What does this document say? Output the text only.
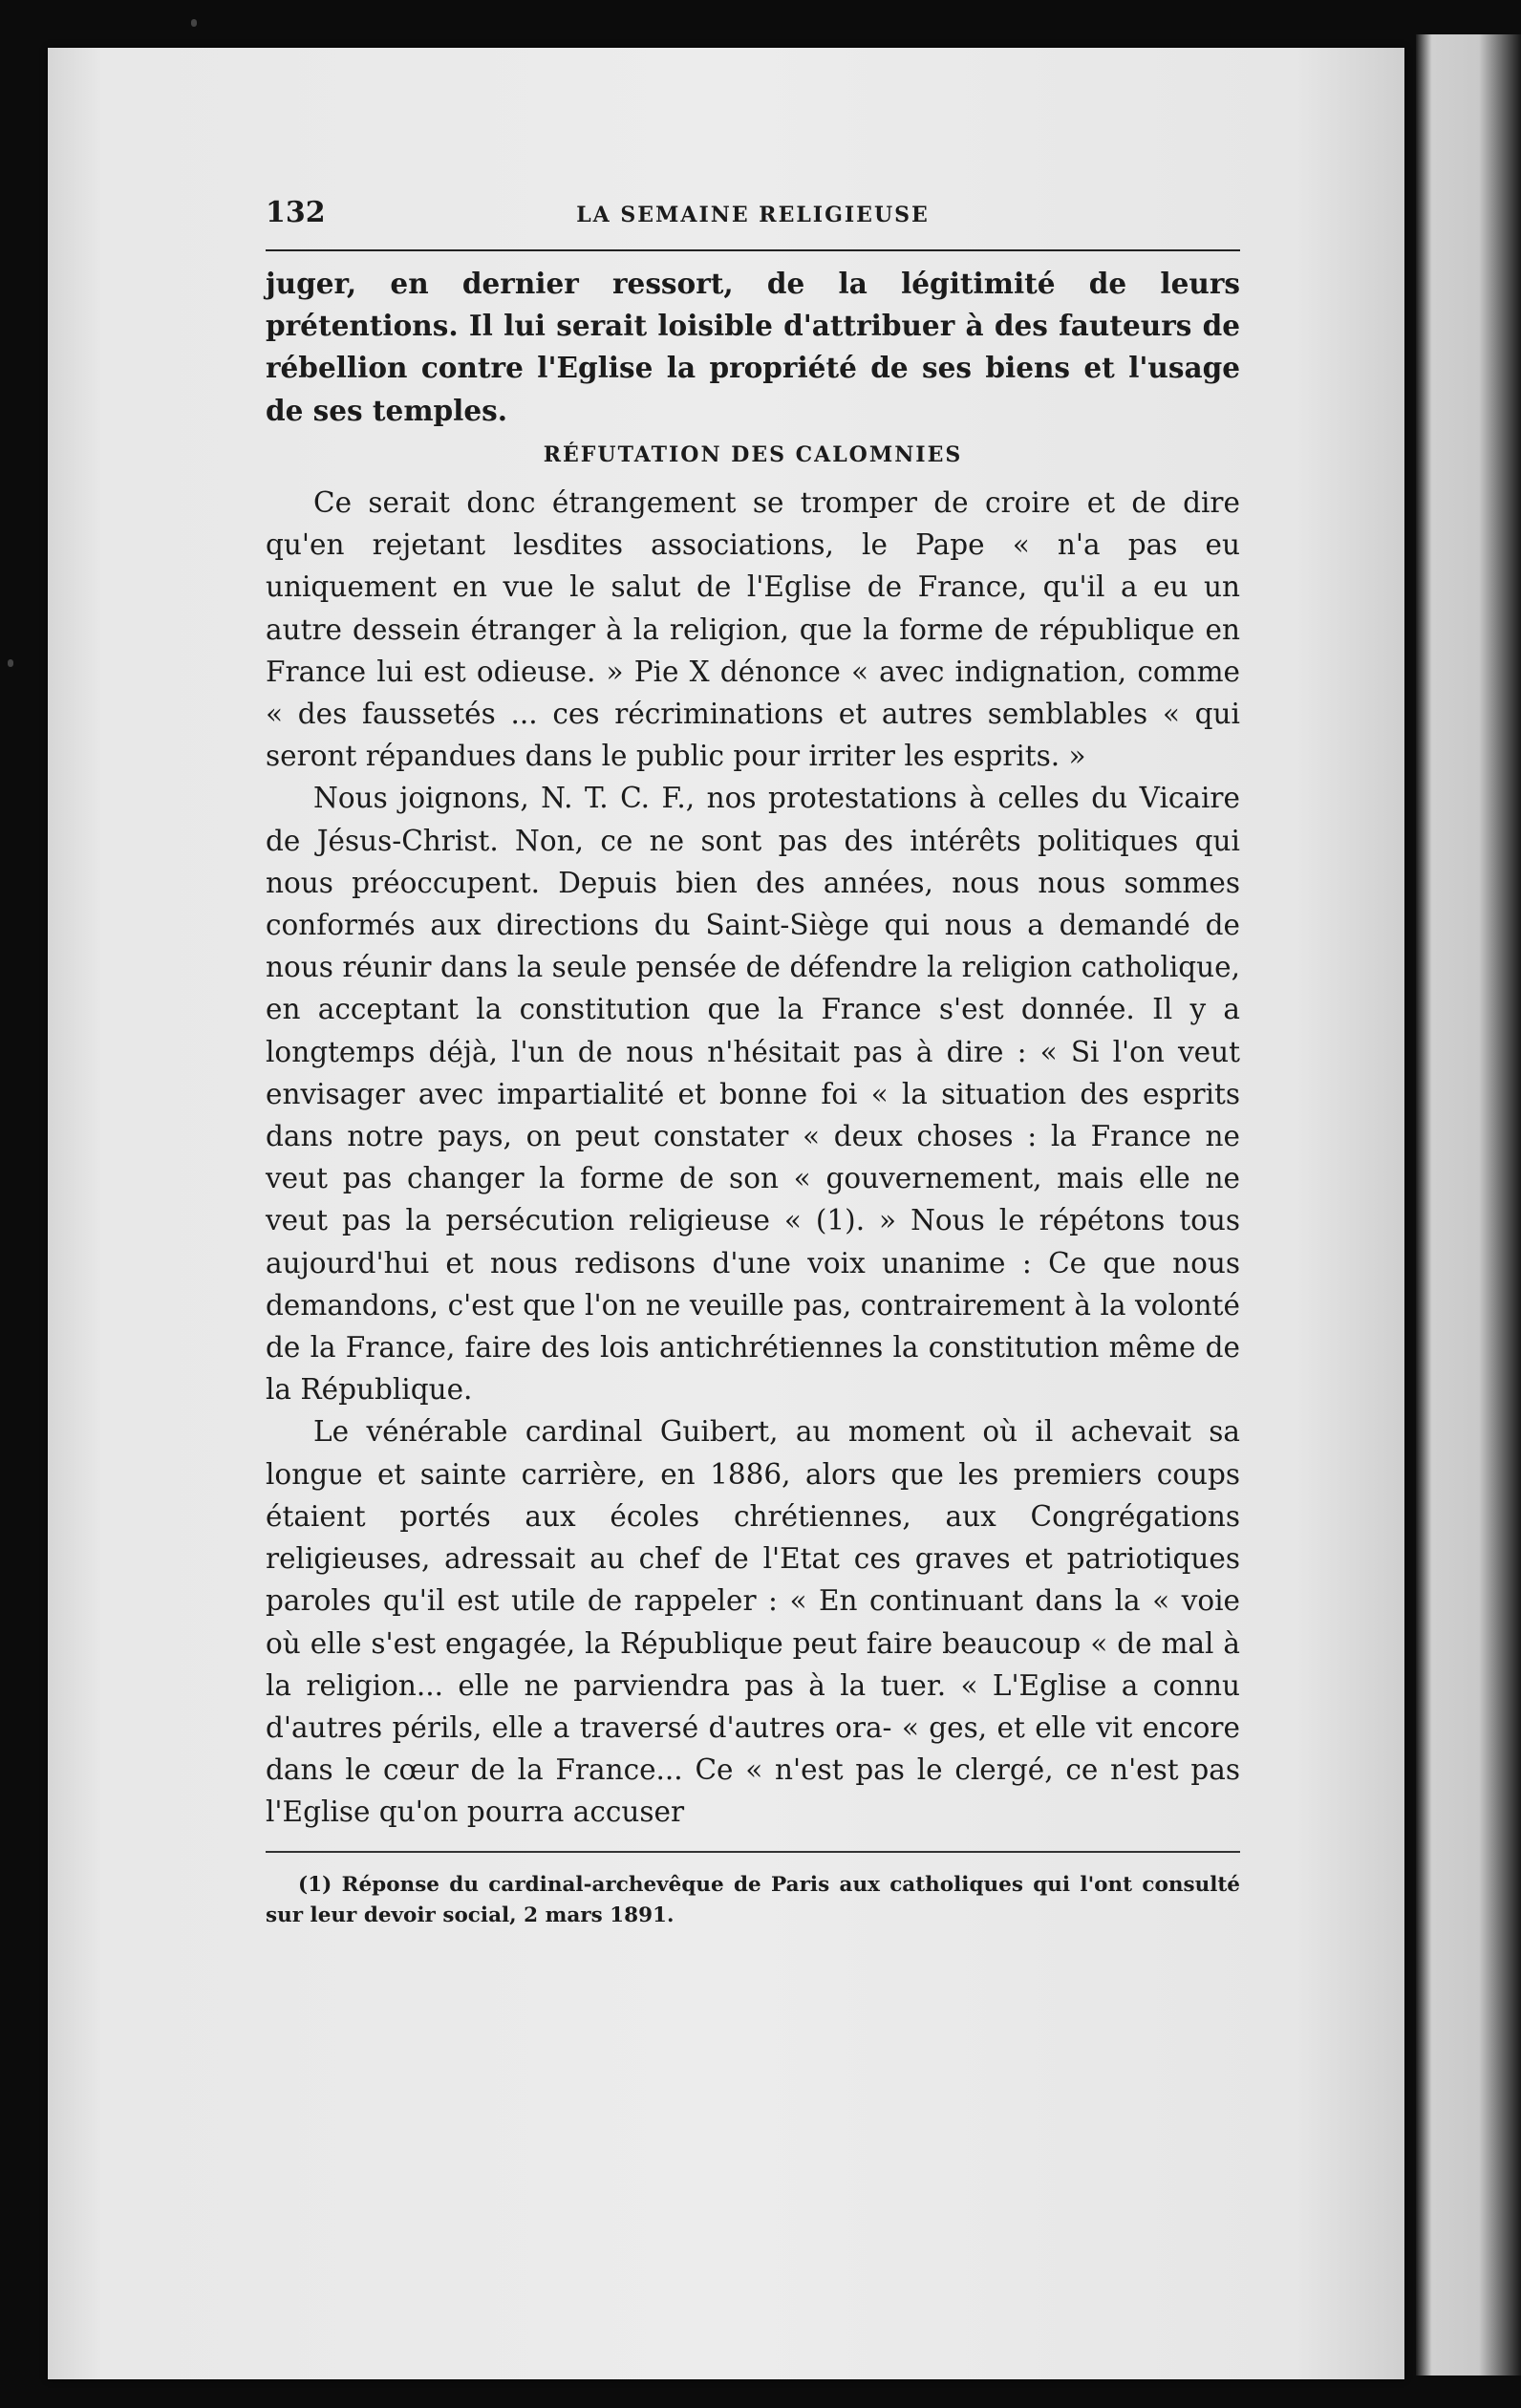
132	LA SEMAINE RELIGIEUSE

juger, en dernier ressort, de la légitimité de leurs prétentions. Il lui serait loisible d'attribuer à des fauteurs de rébellion contre l'Eglise la propriété de ses biens et l'usage de ses temples.

RÉFUTATION DES CALOMNIES

Ce serait donc étrangement se tromper de croire et de dire qu'en rejetant lesdites associations, le Pape « n'a pas eu uniquement en vue le salut de l'Eglise de France, qu'il a eu un autre dessein étranger à la religion, que la forme de république en France lui est odieuse. » Pie X dénonce « avec indignation, comme « des faussetés ... ces récriminations et autres semblables « qui seront répandues dans le public pour irriter les esprits. »

Nous joignons, N. T. C. F., nos protestations à celles du Vicaire de Jésus-Christ. Non, ce ne sont pas des intérêts politiques qui nous préoccupent. Depuis bien des années, nous nous sommes conformés aux directions du Saint-Siège qui nous a demandé de nous réunir dans la seule pensée de défendre la religion catholique, en acceptant la constitution que la France s'est donnée. Il y a longtemps déjà, l'un de nous n'hésitait pas à dire : « Si l'on veut envisager avec impartialité et bonne foi « la situation des esprits dans notre pays, on peut constater « deux choses : la France ne veut pas changer la forme de son « gouvernement, mais elle ne veut pas la persécution religieuse « (1). » Nous le répétons tous aujourd'hui et nous redisons d'une voix unanime : Ce que nous demandons, c'est que l'on ne veuille pas, contrairement à la volonté de la France, faire des lois antichrétiennes la constitution même de la République.

Le vénérable cardinal Guibert, au moment où il achevait sa longue et sainte carrière, en 1886, alors que les premiers coups étaient portés aux écoles chrétiennes, aux Congrégations religieuses, adressait au chef de l'Etat ces graves et patriotiques paroles qu'il est utile de rappeler : « En continuant dans la « voie où elle s'est engagée, la République peut faire beaucoup « de mal à la religion... elle ne parviendra pas à la tuer. « L'Eglise a connu d'autres périls, elle a traversé d'autres ora- « ges, et elle vit encore dans le cœur de la France... Ce « n'est pas le clergé, ce n'est pas l'Eglise qu'on pourra accuser

(1) Réponse du cardinal-archevêque de Paris aux catholiques qui l'ont consulté sur leur devoir social, 2 mars 1891.
